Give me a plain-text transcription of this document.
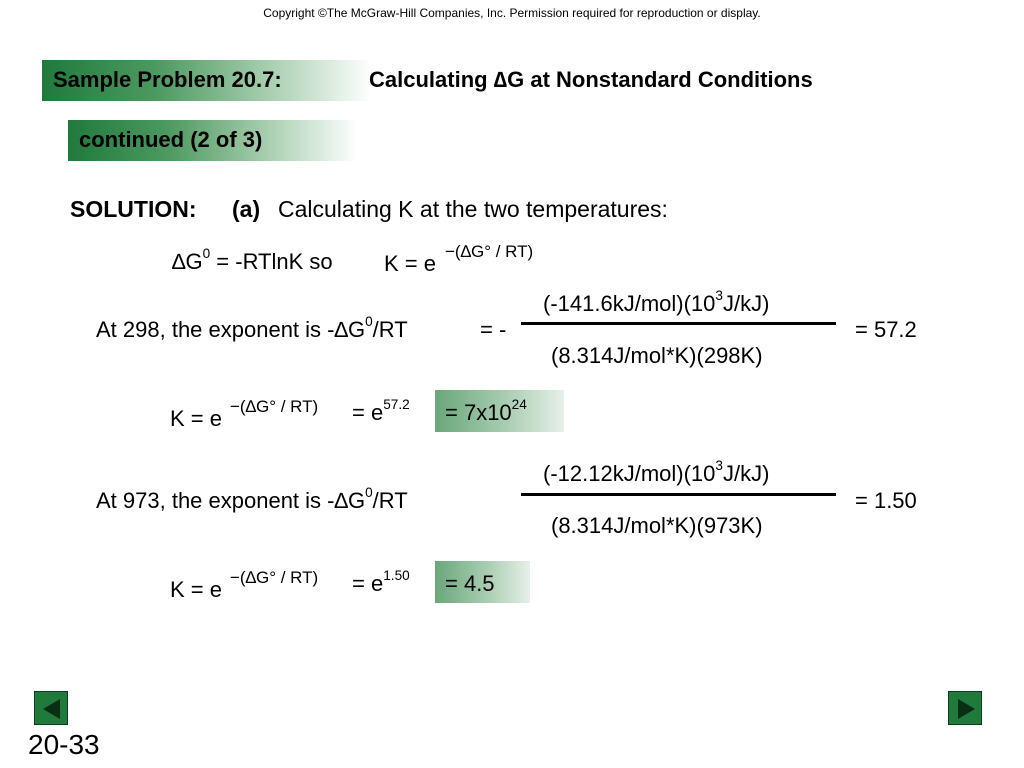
Copyright ©The McGraw-Hill Companies, Inc. Permission required for reproduction or display.
Sample Problem 20.7:	Calculating ∆G at Nonstandard Conditions
continued (2 of 3)
SOLUTION: (a) Calculating K at the two temperatures:
$\Delta G^0 = -RTlnK$ so K = e −(∆G° / RT)
At 298, the exponent is $-\Delta G^0/RT$	= -
$(-141.6kJ/mol)(10^3J/kJ)$
(8.314J/mol*K)(298K)
= 57.2
$K = e -(\Delta G^\circ / RT) = e^{57.2} = 7x10^{24}$
At 973, the exponent is $-\Delta G^0/RT$
$(-12.12kJ/mol)(10^3J/kJ)$
(8.314J/mol*K)(973K)
= 1.50
$K = e -(\Delta G^\circ / RT) = e^{1.50} = 4.5$
20-33
